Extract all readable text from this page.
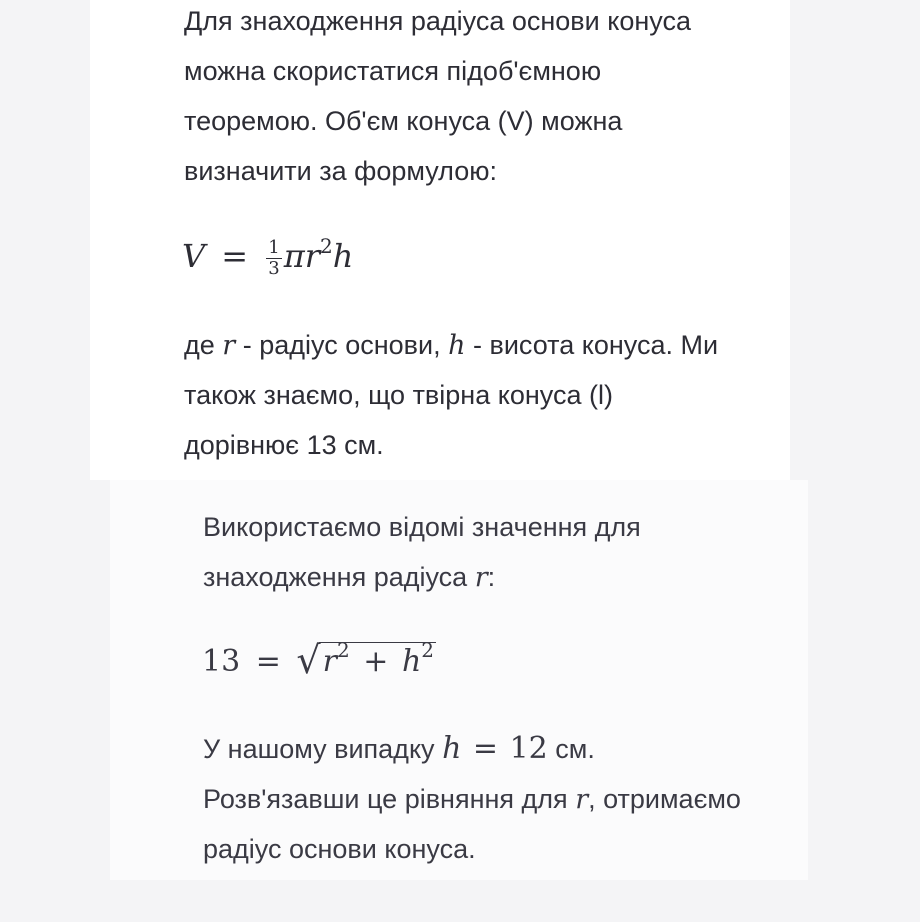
Для знаходження радіуса основи конуса

можна скористатися підоб'ємною

теоремою. Об'єм конуса (V) можна

визначити за формулою:

$V = \frac{1}{3} \pi r^2h$

де r - радіус основи, h - висота конуса. Ми

також знаємо, що твірна конуса (l)

дорівнює 13 см.

Використаємо відомі значення для

знаходження радіуса r:

$13 = √r^2 + h^2$

У нашому випадку h = 12 см.

Розв'язавши це рівняння для r, отримаємо

радіус основи конуса.
